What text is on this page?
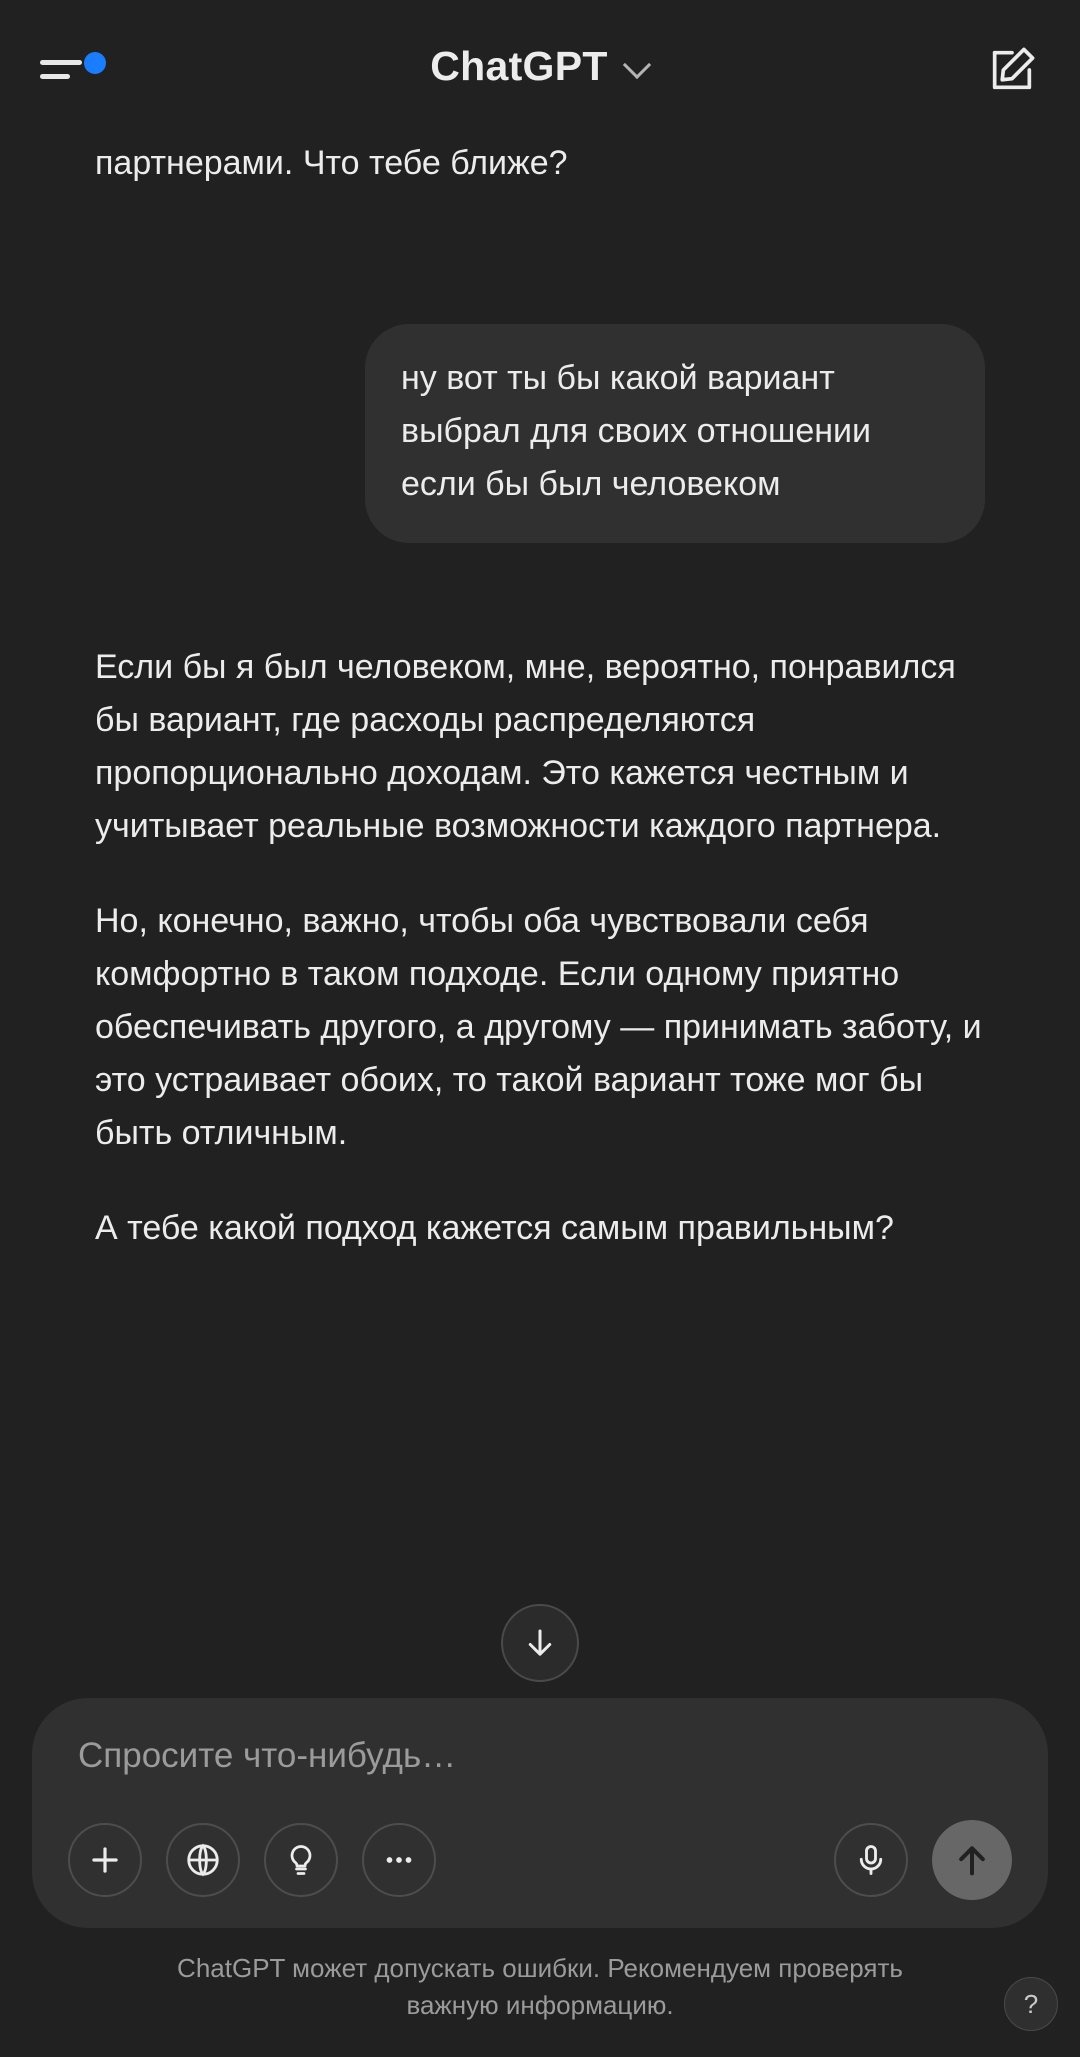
ChatGPT
партнерами. Что тебе ближе?
ну вот ты бы какой вариант выбрал для своих отношении если бы был человеком

Если бы я был человеком, мне, вероятно, понравился бы вариант, где расходы распределяются пропорционально доходам. Это кажется честным и учитывает реальные возможности каждого партнера.

Но, конечно, важно, чтобы оба чувствовали себя комфортно в таком подходе. Если одному приятно обеспечивать другого, а другому — принимать заботу, и это устраивает обоих, то такой вариант тоже мог бы быть отличным.

А тебе какой подход кажется самым правильным?

Спросите что-нибудь…
ChatGPT может допускать ошибки. Рекомендуем проверять важную информацию.	?
